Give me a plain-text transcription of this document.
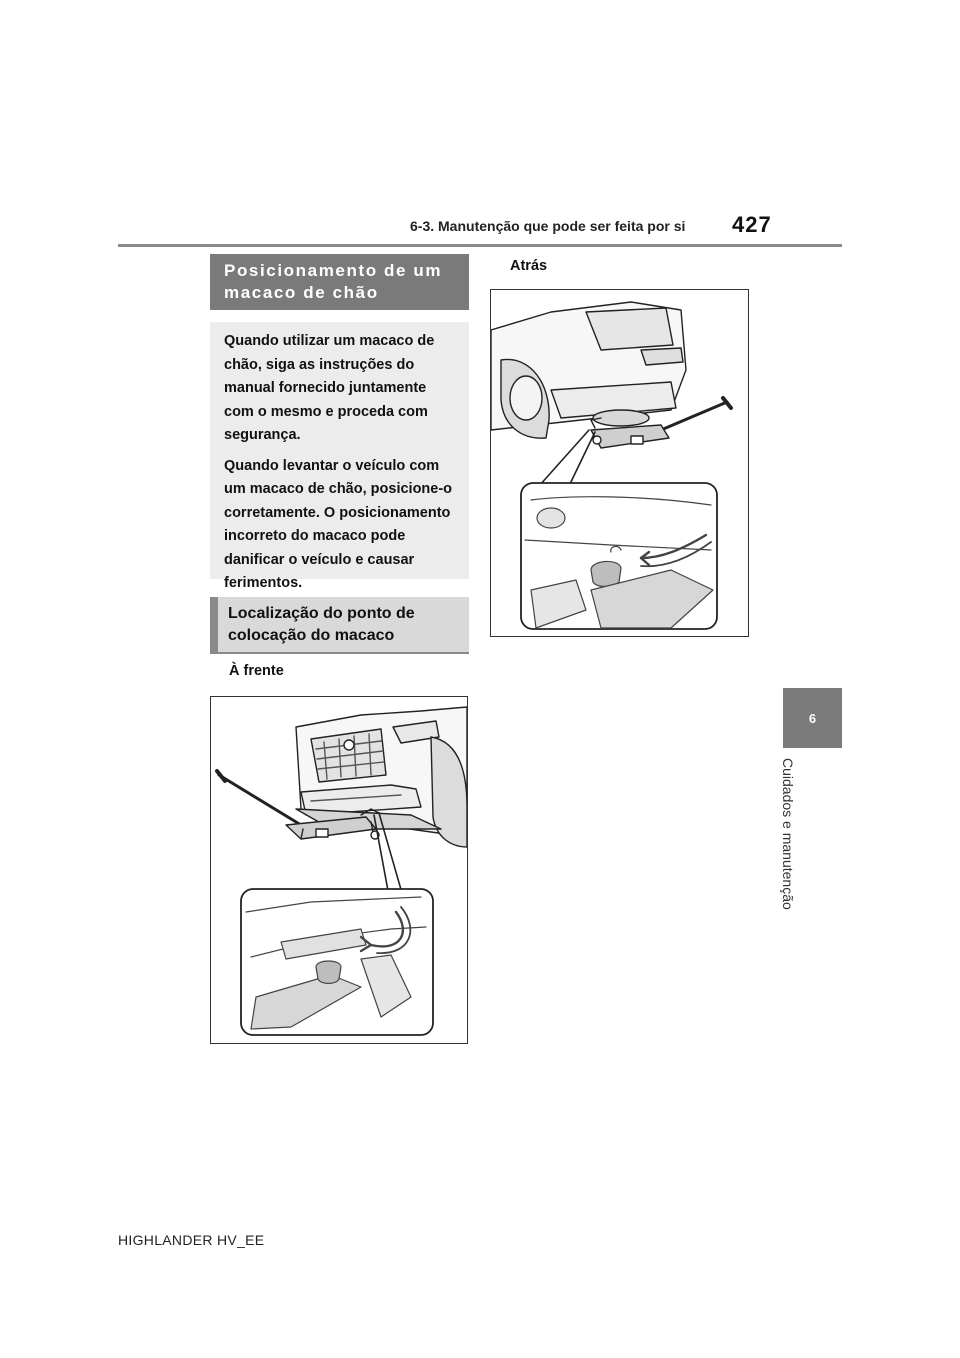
6-3. Manutenção que pode ser feita por si 427
6
Cuidados e manutenção
Posicionamento de um macaco de chão

Quando utilizar um macaco de chão, siga as instruções do manual fornecido juntamente com o mesmo e proceda com segurança.

Quando levantar o veículo com um macaco de chão, posicione-o corretamente. O posicionamento incorreto do macaco pode danificar o veículo e causar ferimentos.

Localização do ponto de colocação do macaco
À frente
Atrás
HIGHLANDER HV_EE
